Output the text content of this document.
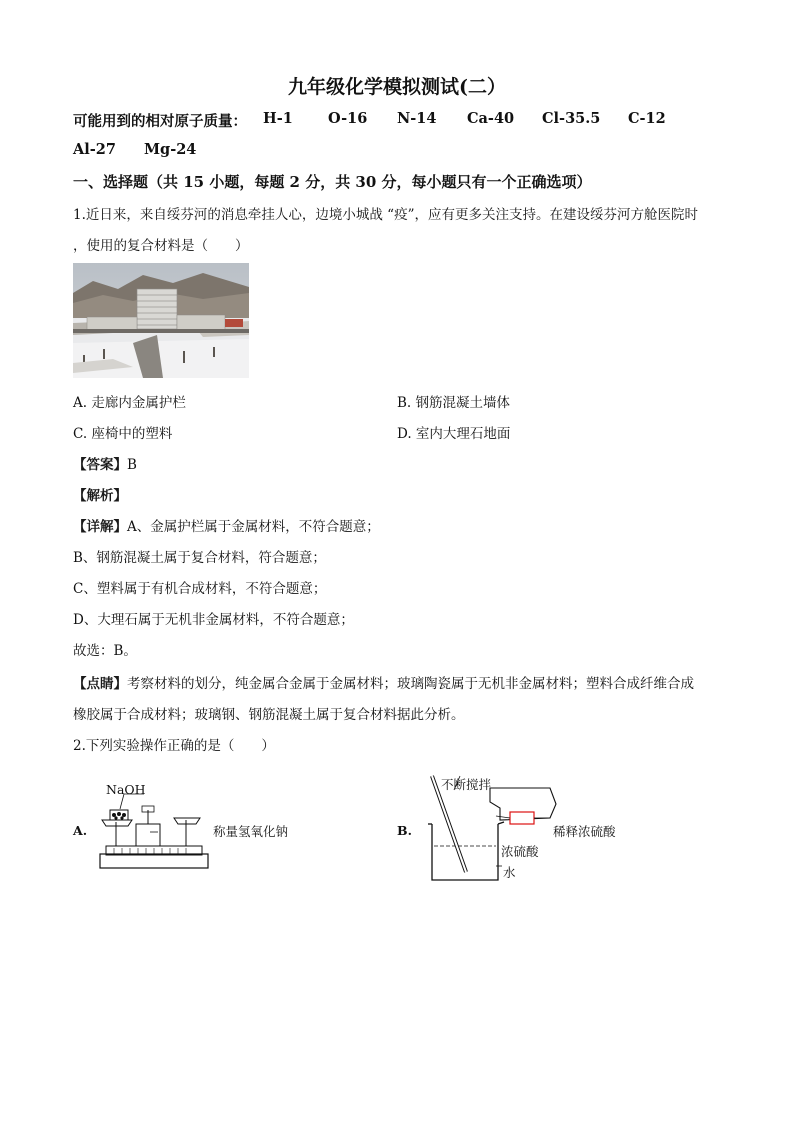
九年级化学模拟测试(二）
可能用到的相对原子质量： H-1 O-16 N-14 Ca-40 Cl-35.5 C-12
Al-27 Mg-24
一、选择题（共 15 小题，每题 2 分，共 30 分，每小题只有一个正确选项）
1.近日来，来自绥芬河的消息牵挂人心，边境小城战 “疫”，应有更多关注支持。在建设绥芬河方舱医院时
，使用的复合材料是（　　）
A. 走廊内金属护栏	B. 钢筋混凝土墙体
C. 座椅中的塑料	D. 室内大理石地面
【答案】B
【解析】
【详解】A、金属护栏属于金属材料，不符合题意；
B、钢筋混凝土属于复合材料，符合题意；
C、塑料属于有机合成材料，不符合题意；
D、大理石属于无机非金属材料，不符合题意；
故选：B。
【点睛】考察材料的划分，纯金属合金属于金属材料；玻璃陶瓷属于无机非金属材料；塑料合成纤维合成
橡胶属于合成材料；玻璃钢、钢筋混凝土属于复合材料据此分析。
2.下列实验操作正确的是（　　）
A.
NaOH
称量氢氧化钠	B.
不断搅拌
稀释浓硫酸
浓硫酸
水
